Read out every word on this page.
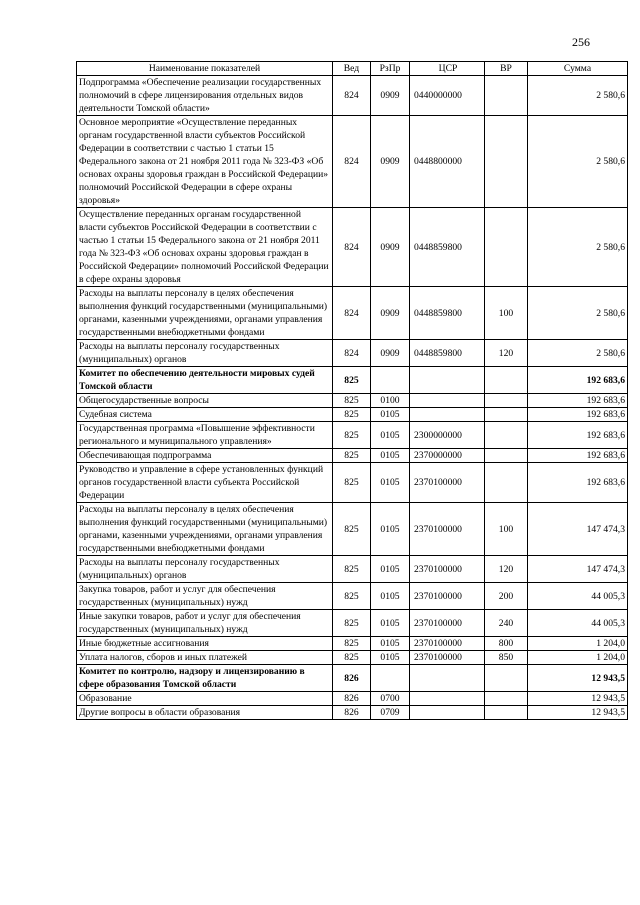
256
Наименование показателей	Вед	РзПр	ЦСР	ВР	Сумма
Подпрограмма «Обеспечение реализации государственных полномочий в сфере лицензирования отдельных видов деятельности Томской области»	824	0909	0440000000		2 580,6
Основное мероприятие «Осуществление переданных органам государственной власти субъектов Российской Федерации в соответствии с частью 1 статьи 15 Федерального закона от 21 ноября 2011 года № 323-ФЗ «Об основах охраны здоровья граждан в Российской Федерации» полномочий Российской Федерации в сфере охраны здоровья»	824	0909	0448800000		2 580,6
Осуществление переданных органам государственной власти субъектов Российской Федерации в соответствии с частью 1 статьи 15 Федерального закона от 21 ноября 2011 года № 323-ФЗ «Об основах охраны здоровья граждан в Российской Федерации» полномочий Российской Федерации в сфере охраны здоровья	824	0909	0448859800		2 580,6
Расходы на выплаты персоналу в целях обеспечения выполнения функций государственными (муниципальными) органами, казенными учреждениями, органами управления государственными внебюджетными фондами	824	0909	0448859800	100	2 580,6
Расходы на выплаты персоналу государственных (муниципальных) органов	824	0909	0448859800	120	2 580,6
Комитет по обеспечению деятельности мировых судей Томской области	825				192 683,6
Общегосударственные вопросы	825	0100			192 683,6
Судебная система	825	0105			192 683,6
Государственная программа «Повышение эффективности регионального и муниципального управления»	825	0105	2300000000		192 683,6
Обеспечивающая подпрограмма	825	0105	2370000000		192 683,6
Руководство и управление в сфере установленных функций органов государственной власти субъекта Российской Федерации	825	0105	2370100000		192 683,6
Расходы на выплаты персоналу в целях обеспечения выполнения функций государственными (муниципальными) органами, казенными учреждениями, органами управления государственными внебюджетными фондами	825	0105	2370100000	100	147 474,3
Расходы на выплаты персоналу государственных (муниципальных) органов	825	0105	2370100000	120	147 474,3
Закупка товаров, работ и услуг для обеспечения государственных (муниципальных) нужд	825	0105	2370100000	200	44 005,3
Иные закупки товаров, работ и услуг для обеспечения государственных (муниципальных) нужд	825	0105	2370100000	240	44 005,3
Иные бюджетные ассигнования	825	0105	2370100000	800	1 204,0
Уплата налогов, сборов и иных платежей	825	0105	2370100000	850	1 204,0
Комитет по контролю, надзору и лицензированию в сфере образования Томской области	826				12 943,5
Образование	826	0700			12 943,5
Другие вопросы в области образования	826	0709			12 943,5
